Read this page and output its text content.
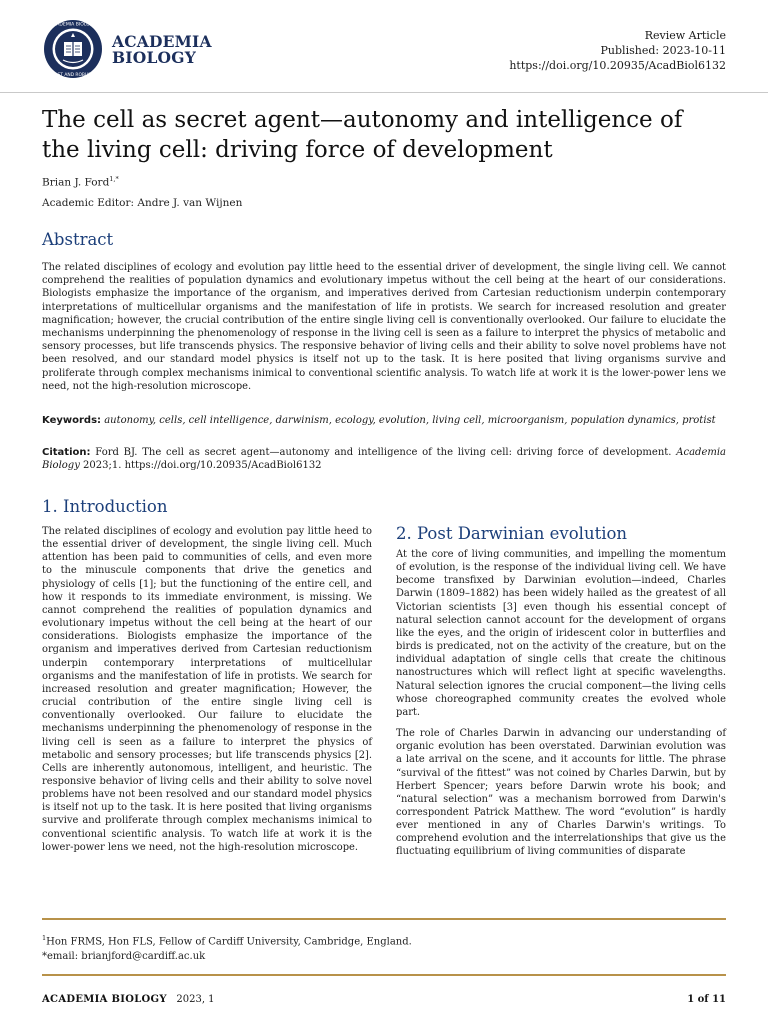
ACADEMIA BIOLOGY
FAST AND ROBUST
ACADEMIA
BIOLOGY
Review Article
Published: 2023-10-11
https://doi.org/10.20935/AcadBiol6132
The cell as secret agent—autonomy and intelligence of the living cell: driving force of development
Brian J. Ford$^{1,*}$
Academic Editor: Andre J. van Wijnen
Abstract

The related disciplines of ecology and evolution pay little heed to the essential driver of development, the single living cell. We cannot comprehend the realities of population dynamics and evolutionary impetus without the cell being at the heart of our considerations. Biologists emphasize the importance of the organism, and imperatives derived from Cartesian reductionism underpin contemporary interpretations of multicellular organisms and the manifestation of life in protists. We search for increased resolution and greater magnification; however, the crucial contribution of the entire single living cell is conventionally overlooked. Our failure to elucidate the mechanisms underpinning the phenomenology of response in the living cell is seen as a failure to interpret the physics of metabolic and sensory processes, but life transcends physics. The responsive behavior of living cells and their ability to solve novel problems have not been resolved, and our standard model physics is itself not up to the task. It is here posited that living organisms survive and proliferate through complex mechanisms inimical to conventional scientific analysis. To watch life at work it is the lower-power lens we need, not the high-resolution microscope.

Keywords: autonomy, cells, cell intelligence, darwinism, ecology, evolution, living cell, microorganism, population dynamics, protist

Citation: Ford BJ. The cell as secret agent—autonomy and intelligence of the living cell: driving force of development. Academia Biology 2023;1. https://doi.org/10.20935/AcadBiol6132

1. Introduction

The related disciplines of ecology and evolution pay little heed to the essential driver of development, the single living cell. Much attention has been paid to communities of cells, and even more to the minuscule components that drive the genetics and physiology of cells [1]; but the functioning of the entire cell, and how it responds to its immediate environment, is missing. We cannot comprehend the realities of population dynamics and evolutionary impetus without the cell being at the heart of our considerations. Biologists emphasize the importance of the organism and imperatives derived from Cartesian reductionism underpin contemporary interpretations of multicellular organisms and the manifestation of life in protists. We search for increased resolution and greater magnification; However, the crucial contribution of the entire single living cell is conventionally overlooked. Our failure to elucidate the mechanisms underpinning the phenomenology of response in the living cell is seen as a failure to interpret the physics of metabolic and sensory processes; but life transcends physics [2]. Cells are inherently autonomous, intelligent, and heuristic. The responsive behavior of living cells and their ability to solve novel problems have not been resolved and our standard model physics is itself not up to the task. It is here posited that living organisms survive and proliferate through complex mechanisms inimical to conventional scientific analysis. To watch life at work it is the lower-power lens we need, not the high-resolution microscope.

2. Post Darwinian evolution

At the core of living communities, and impelling the momentum of evolution, is the response of the individual living cell. We have become transfixed by Darwinian evolution—indeed, Charles Darwin (1809–1882) has been widely hailed as the greatest of all Victorian scientists [3] even though his essential concept of natural selection cannot account for the development of organs like the eyes, and the origin of iridescent color in butterflies and birds is predicated, not on the activity of the creature, but on the individual adaptation of single cells that create the chitinous nanostructures which will reflect light at specific wavelengths. Natural selection ignores the crucial component—the living cells whose choreographed community creates the evolved whole part.

The role of Charles Darwin in advancing our understanding of organic evolution has been overstated. Darwinian evolution was a late arrival on the scene, and it accounts for little. The phrase “survival of the fittest” was not coined by Charles Darwin, but by Herbert Spencer; years before Darwin wrote his book; and “natural selection” was a mechanism borrowed from Darwin's correspondent Patrick Matthew. The word “evolution” is hardly ever mentioned in any of Charles Darwin's writings. To comprehend evolution and the interrelationships that give us the fluctuating equilibrium of living communities of disparate

$^1$Hon FRMS, Hon FLS, Fellow of Cardiff University, Cambridge, England.
*email: brianjford@cardiff.ac.uk
ACADEMIA BIOLOGY 2023, 1	1 of 11
